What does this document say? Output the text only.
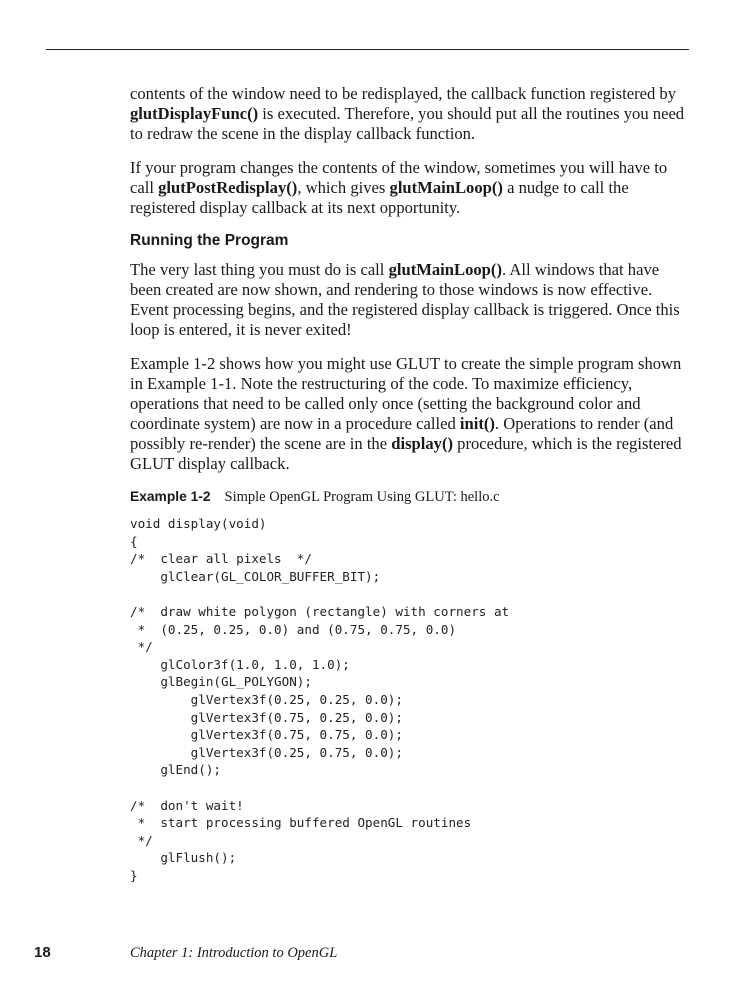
contents of the window need to be redisplayed, the callback function registered by glutDisplayFunc() is executed. Therefore, you should put all the routines you need to redraw the scene in the display callback function.

If your program changes the contents of the window, sometimes you will have to call glutPostRedisplay(), which gives glutMainLoop() a nudge to call the registered display callback at its next opportunity.

Running the Program

The very last thing you must do is call glutMainLoop(). All windows that have been created are now shown, and rendering to those windows is now effective. Event processing begins, and the registered display callback is triggered. Once this loop is entered, it is never exited!

Example 1-2 shows how you might use GLUT to create the simple program shown in Example 1-1. Note the restructuring of the code. To maximize efficiency, operations that need to be called only once (setting the background color and coordinate system) are now in a procedure called init(). Operations to render (and possibly re-render) the scene are in the display() procedure, which is the registered GLUT display callback.

Example 1-2 Simple OpenGL Program Using GLUT: hello.c
void display(void)
{
/*  clear all pixels  */
glClear(GL_COLOR_BUFFER_BIT);

/*  draw white polygon (rectangle) with corners at
*  (0.25, 0.25, 0.0) and (0.75, 0.75, 0.0)
*/
glColor3f(1.0, 1.0, 1.0);
glBegin(GL_POLYGON);
glVertex3f(0.25, 0.25, 0.0);
glVertex3f(0.75, 0.25, 0.0);
glVertex3f(0.75, 0.75, 0.0);
glVertex3f(0.25, 0.75, 0.0);
glEnd();

/*  don't wait!
*  start processing buffered OpenGL routines
*/
glFlush();
}
18	Chapter 1: Introduction to OpenGL
